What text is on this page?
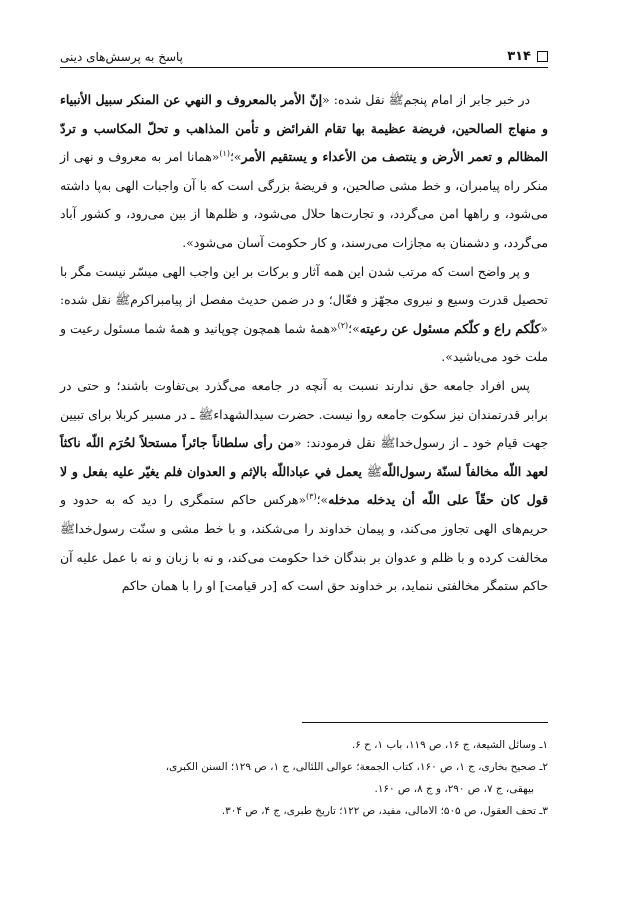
۳۱۴
پاسخ به پرسش‌های دینی

در خبر جابر از امام پنجمﷺ نقل شده: «إنّ الأمر بالمعروف و النهي عن المنكر سبيل الأنبياء و منهاج الصالحين، فريضة عظيمة بها تقام الفرائض و تأمن المذاهب و تحلّ المكاسب و تردّ المظالم و تعمر الأرض و ينتصف من الأعداء و يستقيم الأمر»؛$^{(۱)}$«همانا امر به معروف و نهی از منکر راه پیامبران، و خط مشی صالحین، و فریضهٔ بزرگی است که با آن واجبات الهی به‌پا داشته می‌شود، و راهها امن می‌گردد، و تجارت‌ها حلال می‌شود، و ظلم‌ها از بین می‌رود، و کشور آباد می‌گردد، و دشمنان به مجازات می‌رسند، و کار حکومت آسان می‌شود».

و پر واضح است که مرتب شدن این همه آثار و برکات بر این واجب الهی میسّر نیست مگر با تحصیل قدرت وسیع و نیروی مجهّز و فعّال؛ و در ضمن حدیث مفصل از پیامبراکرمﷺ نقل شده: «كلّكم راع و كلّكم مسئول عن رعيته»؛$^{(۲)}$«همهٔ شما همچون چوپانید و همهٔ شما مسئول رعیت و ملت خود می‌باشید».

پس افراد جامعه حق ندارند نسبت به آنچه در جامعه می‌گذرد بی‌تفاوت باشند؛ و حتی در برابر قدرتمندان نیز سکوت جامعه روا نیست. حضرت سیدالشهداءﷺ ـ در مسیر کربلا برای تبیین جهت قیام خود ـ از رسول‌خداﷺ نقل فرمودند: «من رأى سلطاناً جائراً مستحلاً لحُرَم اللّه ناكثاً لعهد اللّه مخالفاً لسنّة رسول‌اللّهﷺ يعمل في عباداللّه بالإثم و العدوان فلم يغيّر عليه بفعل و لا قول كان حقّاً على اللّه أن يدخله مدخله»؛$^{(۳)}$«هرکس حاکم ستمگری را دید که به حدود و حریم‌های الهی تجاوز می‌کند، و پیمان خداوند را می‌شکند، و با خط مشی و سنّت رسول‌خداﷺ مخالفت کرده و با ظلم و عدوان بر بندگان خدا حکومت می‌کند، و نه با زبان و نه با عمل علیه آن حاکم ستمگر مخالفتی ننماید، بر خداوند حق است که [در قیامت] او را با همان حاکم

۱ـ وسائل الشیعة، ج ۱۶، ص ۱۱۹، باب ۱، ح ۶.
۲ـ صحیح بخاری، ج ۱، ص ۱۶۰، کتاب الجمعة؛ عوالی اللئالی، ج ۱، ص ۱۲۹؛ السنن الکبری،
بیهقی، ج ۷، ص ۲۹۰، و ج ۸، ص ۱۶۰.
۳ـ تحف العقول، ص ۵۰۵؛ الامالی، مفید، ص ۱۲۲؛ تاریخ طبری، ج ۴، ص ۳۰۴.
